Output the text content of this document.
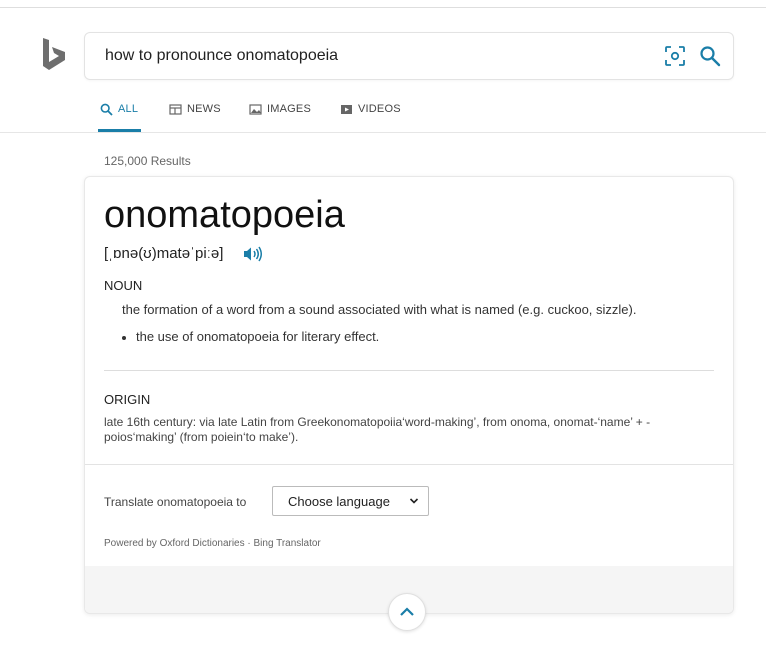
how to pronounce onomatopoeia
ALL	NEWS	IMAGES	VIDEOS
125,000 Results
onomatopoeia
[ˌɒnə(ʊ)matəˈpiːə]
NOUN
the formation of a word from a sound associated with what is named (e.g. cuckoo, sizzle).
the use of onomatopoeia for literary effect.
ORIGIN
late 16th century: via late Latin from Greekonomatopoiia‘word-making’, from onoma, onomat-‘name’ + -poios‘making’ (from poiein‘to make’).
Translate onomatopoeia to	Choose language
Powered by Oxford Dictionaries · Bing Translator
